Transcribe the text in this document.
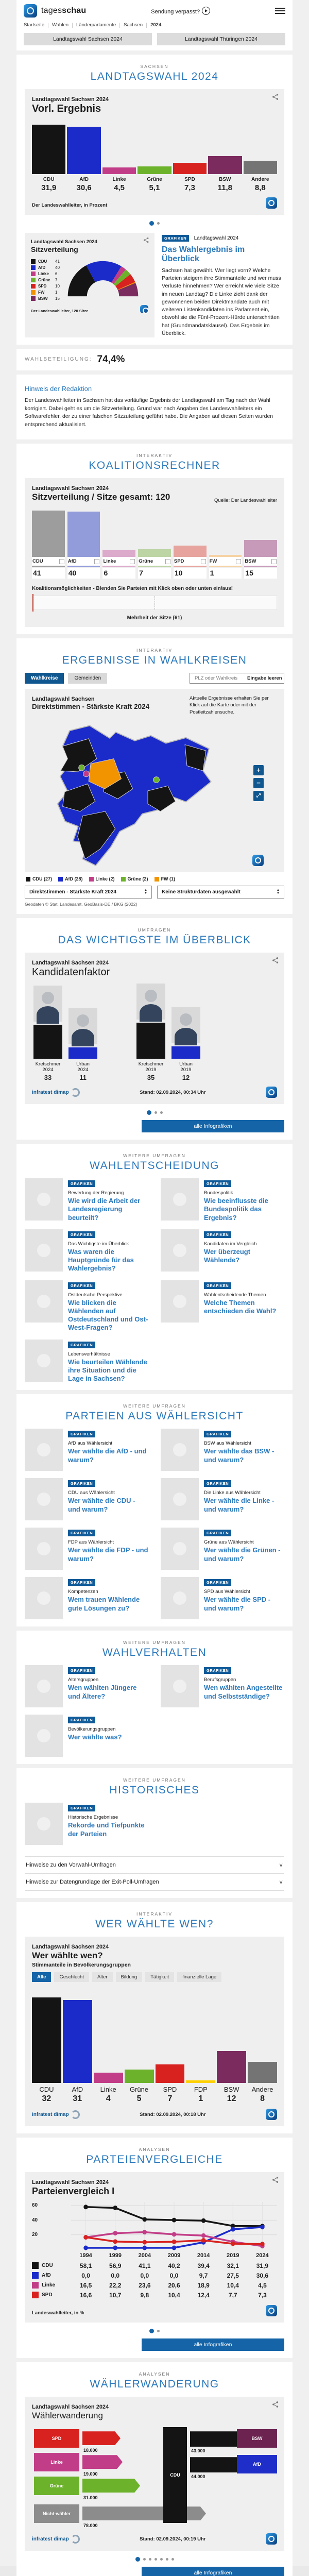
tagesschau	Sendung verpasst?
Startseite Wahlen Länderparlamente Sachsen 2024
Landtagswahl Sachsen 2024	Landtagswahl Thüringen 2024
SACHSEN
LANDTAGSWAHL 2024
Landtagswahl Sachsen 2024
Vorl. Ergebnis
CDU
31,9
AfD
30,6
Linke
4,5
Grüne
5,1
SPD
7,3
BSW
11,8
Andere
8,8
Der Landeswahlleiter, in Prozent
Landtagswahl Sachsen 2024
Sitzverteilung
CDU	41
AfD	40
Linke	6
Grüne	7
SPD	10
FW	1
BSW	15
Der Landeswahlleiter, 120 Sitze
GRAFIKEN Landtagswahl 2024
Das Wahlergebnis im Überblick

Sachsen hat gewählt. Wer liegt vorn? Welche Parteien steigern ihre Stimmanteile und wer muss Verluste hinnehmen? Wer erreicht wie viele Sitze im neuen Landtag? Die Linke zieht dank der gewonnenen beiden Direktmandate auch mit weiteren Listenkandidaten ins Parlament ein, obwohl sie die Fünf-Prozent-Hürde unterschritten hat (Grundmandatsklausel). Das Ergebnis im Überblick.

WAHLBETEILIGUNG: 74,4%
Hinweis der Redaktion

Der Landeswahlleiter in Sachsen hat das vorläufige Ergebnis der Landtagswahl am Tag nach der Wahl korrigiert. Dabei geht es um die Sitzverteilung. Grund war nach Angaben des Landeswahlleiters ein Softwarefehler, der zu einer falschen Sitzzuteilung geführt habe. Die Angaben auf diesen Seiten wurden entsprechend aktualisiert.

INTERAKTIV
KOALITIONSRECHNER
Landtagswahl Sachsen 2024
Sitzverteilung / Sitze gesamt: 120	Quelle: Der Landeswahlleiter
CDU
41
AfD
40
Linke
6
Grüne
7
SPD
10
FW
1
BSW
15
Koalitionsmöglichkeiten - Blenden Sie Parteien mit Klick oben oder unten ein/aus!
Mehrheit der Sitze (61)
INTERAKTIV
ERGEBNISSE IN WAHLKREISEN
Wahlkreise	Gemeinden
PLZ oder Wahlkreis	Eingabe leeren
Landtagswahl Sachsen
Direktstimmen - Stärkste Kraft 2024
Aktuelle Ergebnisse erhalten Sie per Klick auf die Karte oder mit der Postleitzahlensuche.
+
−
⤢
CDU (27)	AfD (28)	Linke (2)	Grüne (2)	FW (1)
Direktstimmen - Stärkste Kraft 2024	▲
▼	Keine Strukturdaten ausgewählt	▲
▼
Geodaten © Stat. Landesamt, GeoBasis-DE / BKG (2022)
UMFRAGEN
DAS WICHTIGSTE IM ÜBERBLICK
Landtagswahl Sachsen 2024
Kandidatenfaktor
Kretschmer
2024
33
Urban
2024
11
Kretschmer
2019
35
Urban
2019
12
infratest dimap	Stand: 02.09.2024, 00:34 Uhr
alle Infografiken
WEITERE UMFRAGEN
WAHLENTSCHEIDUNG
GRAFIKEN
Bewertung der Regierung
Wie wird die Arbeit der Landesregierung beurteilt?
GRAFIKEN
Bundespolitik
Wie beeinflusste die Bundespolitik das Ergebnis?
GRAFIKEN
Das Wichtigste im Überblick
Was waren die Hauptgründe für das Wahlergebnis?
GRAFIKEN
Kandidaten im Vergleich
Wer überzeugt Wählende?
GRAFIKEN
Ostdeutsche Perspektive
Wie blicken die Wählenden auf Ostdeutschland und Ost-West-Fragen?
GRAFIKEN
Wahlentscheidende Themen
Welche Themen entschieden die Wahl?
GRAFIKEN
Lebensverhältnisse
Wie beurteilen Wählende ihre Situation und die Lage in Sachsen?
WEITERE UMFRAGEN
PARTEIEN AUS WÄHLERSICHT
GRAFIKEN
AfD aus Wählersicht
Wer wählte die AfD - und warum?
GRAFIKEN
BSW aus Wählersicht
Wer wählte das BSW - und warum?
GRAFIKEN
CDU aus Wählersicht
Wer wählte die CDU - und warum?
GRAFIKEN
Die Linke aus Wählersicht
Wer wählte die Linke - und warum?
GRAFIKEN
FDP aus Wählersicht
Wer wählte die FDP - und warum?
GRAFIKEN
Grüne aus Wählersicht
Wer wählte die Grünen - und warum?
GRAFIKEN
Kompetenzen
Wem trauen Wählende gute Lösungen zu?
GRAFIKEN
SPD aus Wählersicht
Wer wählte die SPD - und warum?
WEITERE UMFRAGEN
WAHLVERHALTEN
GRAFIKEN
Altersgruppen
Wen wählten Jüngere und Ältere?
GRAFIKEN
Berufsgruppen
Wen wählten Angestellte und Selbstständige?
GRAFIKEN
Bevölkerungsgruppen
Wer wählte was?
WEITERE UMFRAGEN
HISTORISCHES
GRAFIKEN
Historische Ergebnisse
Rekorde und Tiefpunkte der Parteien
Hinweise zu den Vorwahl-Umfragen	∨
Hinweise zur Datengrundlage der Exit-Poll-Umfragen	∨
INTERAKTIV
WER WÄHLTE WEN?
Landtagswahl Sachsen 2024
Wer wählte wen?
Stimmanteile in Bevölkerungsgruppen
Alle	Geschlecht	Alter	Bildung	Tätigkeit	finanzielle Lage
CDU
32
AfD
31
Linke
4
Grüne
5
SPD
7
FDP
1
BSW
12
Andere
8
infratest dimap	Stand: 02.09.2024, 00:18 Uhr
ANALYSEN
PARTEIENVERGLEICHE
Landtagswahl Sachsen 2024
Parteienvergleich I
60
40
20
1994	1999	2004	2009	2014	2019	2024
CDU	58,1	56,9	41,1	40,2	39,4	32,1	31,9
AfD	0,0	0,0	0,0	0,0	9,7	27,5	30,6
Linke	16,5	22,2	23,6	20,6	18,9	10,4	4,5
SPD	16,6	10,7	9,8	10,4	12,4	7,7	7,3
Landeswahlleiter, in %
alle Infografiken
ANALYSEN
WÄHLERWANDERUNG
Landtagswahl Sachsen 2024
Wählerwanderung
SPD
18.000
Linke
19.000
Grüne
31.000
Nicht-wähler
78.000
CDU
43.000
BSW
44.000
AfD
infratest dimap	Stand: 02.09.2024, 00:19 Uhr
alle Infografiken
